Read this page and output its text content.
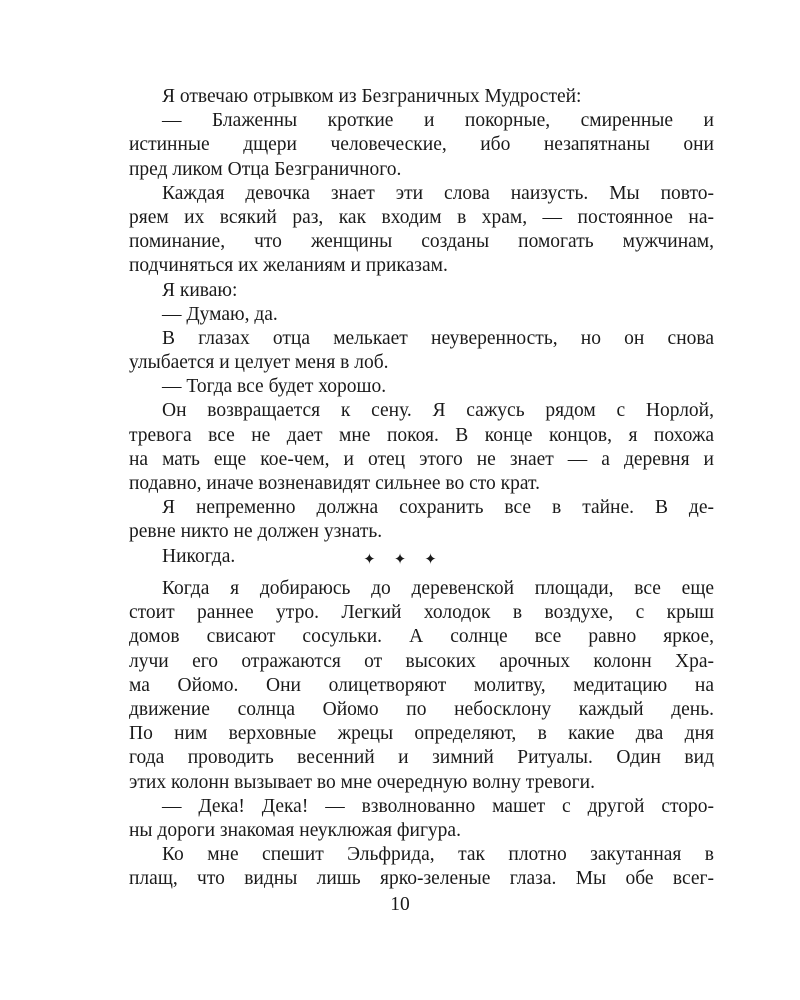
Я отвечаю отрывком из Безграничных Мудростей:
— Блаженны кроткие и покорные, смиренные и
истинные дщери человеческие, ибо незапятнаны они
пред ликом Отца Безграничного.
Каждая девочка знает эти слова наизусть. Мы повто-
ряем их всякий раз, как входим в храм, — постоянное на-
поминание, что женщины созданы помогать мужчинам,
подчиняться их желаниям и приказам.
Я киваю:
— Думаю, да.
В глазах отца мелькает неуверенность, но он снова
улыбается и целует меня в лоб.
— Тогда все будет хорошо.
Он возвращается к сену. Я сажусь рядом с Норлой,
тревога все не дает мне покоя. В конце концов, я похожа
на мать еще кое-чем, и отец этого не знает — а деревня и
подавно, иначе возненавидят сильнее во сто крат.
Я непременно должна сохранить все в тайне. В де-
ревне никто не должен узнать.
Никогда.	✦ ✦ ✦
Когда я добираюсь до деревенской площади, все еще
стоит раннее утро. Легкий холодок в воздухе, с крыш
домов свисают сосульки. А солнце все равно яркое,
лучи его отражаются от высоких арочных колонн Хра-
ма Ойомо. Они олицетворяют молитву, медитацию на
движение солнца Ойомо по небосклону каждый день.
По ним верховные жрецы определяют, в какие два дня
года проводить весенний и зимний Ритуалы. Один вид
этих колонн вызывает во мне очередную волну тревоги.
— Дека! Дека! — взволнованно машет с другой сторо-
ны дороги знакомая неуклюжая фигура.
Ко мне спешит Эльфрида, так плотно закутанная в
плащ, что видны лишь ярко-зеленые глаза. Мы обе всег-
10
